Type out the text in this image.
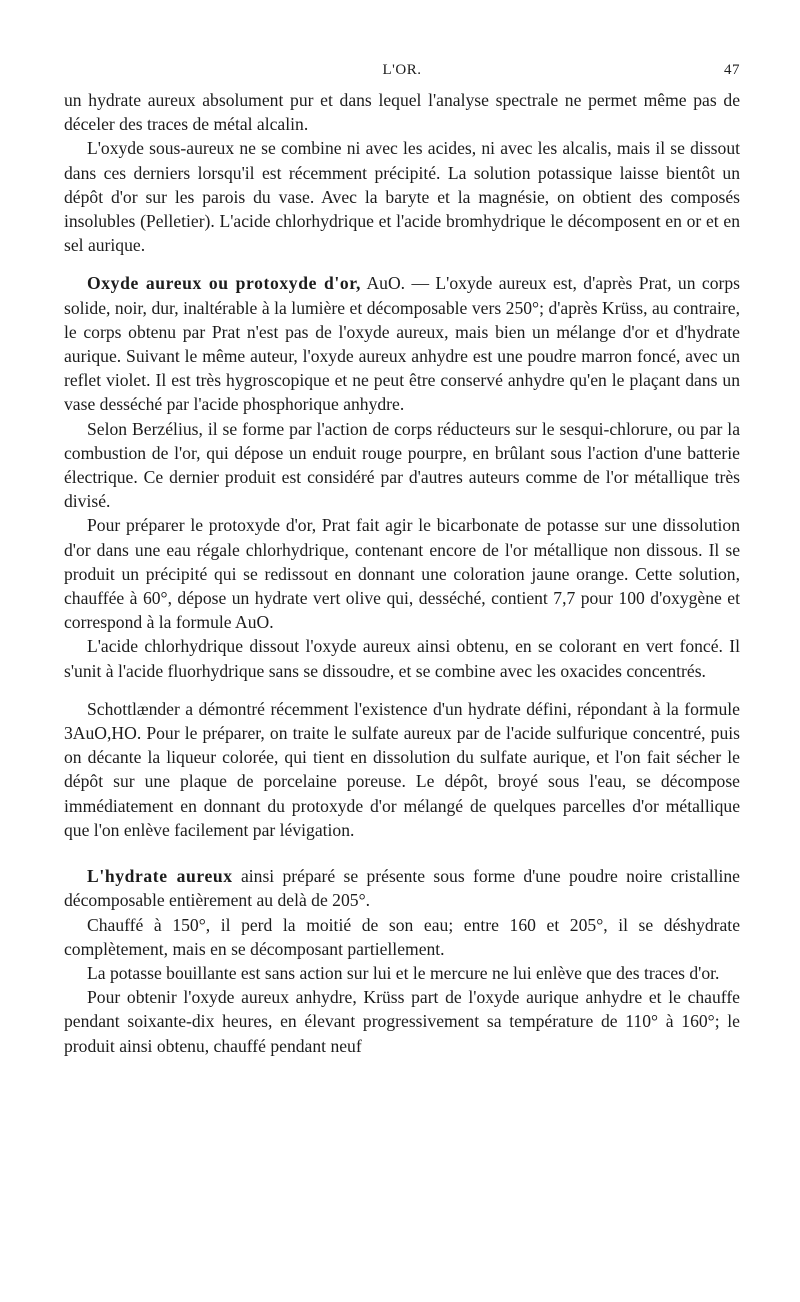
L'OR.	47

un hydrate aureux absolument pur et dans lequel l'analyse spectrale ne permet même pas de déceler des traces de métal alcalin.

L'oxyde sous-aureux ne se combine ni avec les acides, ni avec les alcalis, mais il se dissout dans ces derniers lorsqu'il est récemment précipité. La solution potassique laisse bientôt un dépôt d'or sur les parois du vase. Avec la baryte et la magnésie, on obtient des composés insolubles (Pelletier). L'acide chlorhydrique et l'acide bromhydrique le décomposent en or et en sel aurique.

Oxyde aureux ou protoxyde d'or, AuO. — L'oxyde aureux est, d'après Prat, un corps solide, noir, dur, inaltérable à la lumière et décomposable vers 250°; d'après Krüss, au contraire, le corps obtenu par Prat n'est pas de l'oxyde aureux, mais bien un mélange d'or et d'hydrate aurique. Suivant le même auteur, l'oxyde aureux anhydre est une poudre marron foncé, avec un reflet violet. Il est très hygroscopique et ne peut être conservé anhydre qu'en le plaçant dans un vase desséché par l'acide phosphorique anhydre.

Selon Berzélius, il se forme par l'action de corps réducteurs sur le sesqui-chlorure, ou par la combustion de l'or, qui dépose un enduit rouge pourpre, en brûlant sous l'action d'une batterie électrique. Ce dernier produit est considéré par d'autres auteurs comme de l'or métallique très divisé.

Pour préparer le protoxyde d'or, Prat fait agir le bicarbonate de potasse sur une dissolution d'or dans une eau régale chlorhydrique, contenant encore de l'or métallique non dissous. Il se produit un précipité qui se redissout en donnant une coloration jaune orange. Cette solution, chauffée à 60°, dépose un hydrate vert olive qui, desséché, contient 7,7 pour 100 d'oxygène et correspond à la formule AuO.

L'acide chlorhydrique dissout l'oxyde aureux ainsi obtenu, en se colorant en vert foncé. Il s'unit à l'acide fluorhydrique sans se dissoudre, et se combine avec les oxacides concentrés.

Schottlænder a démontré récemment l'existence d'un hydrate défini, répondant à la formule 3AuO,HO. Pour le préparer, on traite le sulfate aureux par de l'acide sulfurique concentré, puis on décante la liqueur colorée, qui tient en dissolution du sulfate aurique, et l'on fait sécher le dépôt sur une plaque de porcelaine poreuse. Le dépôt, broyé sous l'eau, se décompose immédiatement en donnant du protoxyde d'or mélangé de quelques parcelles d'or métallique que l'on enlève facilement par lévigation.

L'hydrate aureux ainsi préparé se présente sous forme d'une poudre noire cristalline décomposable entièrement au delà de 205°.

Chauffé à 150°, il perd la moitié de son eau; entre 160 et 205°, il se déshydrate complètement, mais en se décomposant partiellement.

La potasse bouillante est sans action sur lui et le mercure ne lui enlève que des traces d'or.

Pour obtenir l'oxyde aureux anhydre, Krüss part de l'oxyde aurique anhydre et le chauffe pendant soixante-dix heures, en élevant progressivement sa température de 110° à 160°; le produit ainsi obtenu, chauffé pendant neuf
